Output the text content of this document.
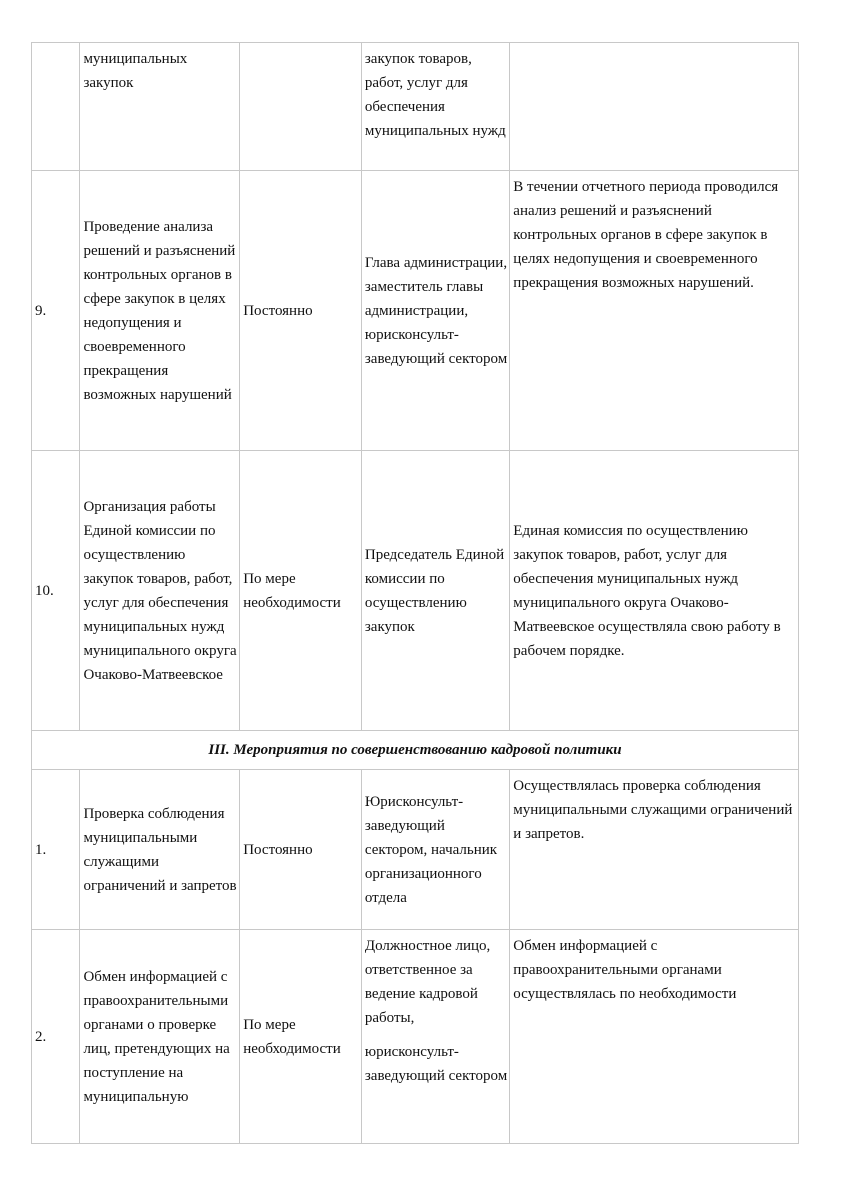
	муниципальных закупок		закупок товаров, работ, услуг для обеспечения муниципальных нужд	

9.	Проведение анализа решений и разъяснений контрольных органов в сфере закупок в целях недопущения и своевременного прекращения возможных нарушений	Постоянно	Глава администрации, заместитель главы администрации, юрисконсульт-заведующий сектором	В течении отчетного периода проводился анализ решений и разъяснений контрольных органов в сфере закупок в целях недопущения и своевременного прекращения возможных нарушений.
10.	Организация работы Единой комиссии по осуществлению закупок товаров, работ, услуг для обеспечения муниципальных нужд муниципального округа Очаково-Матвеевское	По мере необходимости	Председатель Единой комиссии по осуществлению закупок	Единая комиссия по осуществлению закупок товаров, работ, услуг для обеспечения муниципальных нужд муниципального округа Очаково-Матвеевское осуществляла свою работу в рабочем порядке.
III. Мероприятия по совершенствованию кадровой политики				
1.	Проверка соблюдения муниципальными служащими ограничений и запретов	Постоянно	Юрисконсульт-заведующий сектором, начальник организационного отдела	Осуществлялась проверка соблюдения муниципальными служащими ограничений и запретов.
2.	Обмен информацией с правоохранительными органами о проверке лиц, претендующих на поступление на муниципальную	По мере необходимости	Должностное лицо, ответственное за ведение кадровой работы,
юрисконсульт-заведующий сектором	Обмен информацией с правоохранительными органами осуществлялась по необходимости
